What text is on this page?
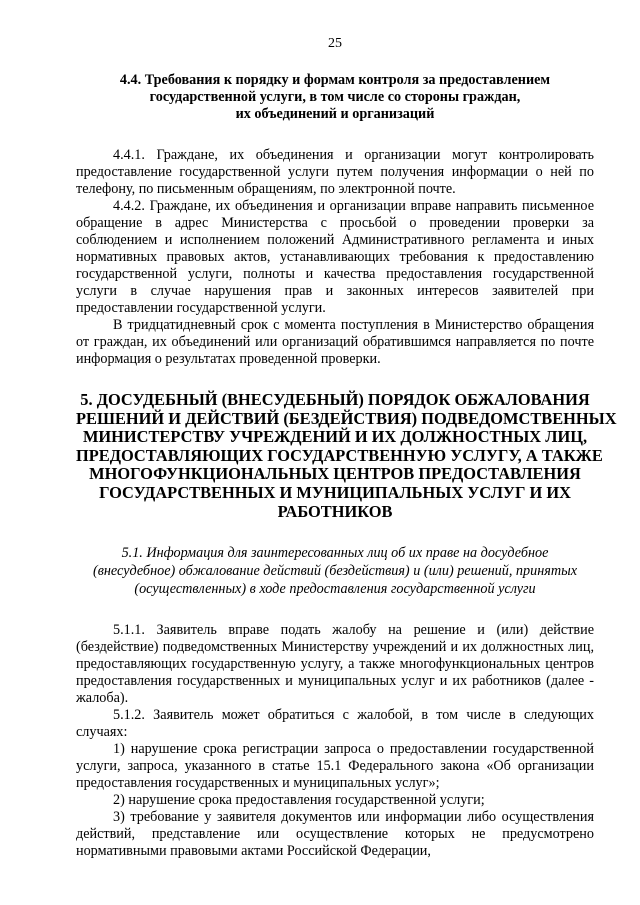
25
4.4. Требования к порядку и формам контроля за предоставлением
государственной услуги, в том числе со стороны граждан,
их объединений и организаций

4.4.1. Граждане, их объединения и организации могут контролировать предоставление государственной услуги путем получения информации о ней по телефону, по письменным обращениям, по электронной почте.

4.4.2. Граждане, их объединения и организации вправе направить письменное обращение в адрес Министерства с просьбой о проведении проверки за соблюдением и исполнением положений Административного регламента и иных нормативных правовых актов, устанавливающих требования к предоставлению государственной услуги, полноты и качества предоставления государственной услуги в случае нарушения прав и законных интересов заявителей при предоставлении государственной услуги.

В тридцатидневный срок с момента поступления в Министерство обращения от граждан, их объединений или организаций обратившимся направляется по почте информация о результатах проведенной проверки.

5. ДОСУДЕБНЫЙ (ВНЕСУДЕБНЫЙ) ПОРЯДОК ОБЖАЛОВАНИЯ
РЕШЕНИЙ И ДЕЙСТВИЙ (БЕЗДЕЙСТВИЯ) ПОДВЕДОМСТВЕННЫХ
МИНИСТЕРСТВУ УЧРЕЖДЕНИЙ И ИХ ДОЛЖНОСТНЫХ ЛИЦ,
ПРЕДОСТАВЛЯЮЩИХ ГОСУДАРСТВЕННУЮ УСЛУГУ, А ТАКЖЕ
МНОГОФУНКЦИОНАЛЬНЫХ ЦЕНТРОВ ПРЕДОСТАВЛЕНИЯ
ГОСУДАРСТВЕННЫХ И МУНИЦИПАЛЬНЫХ УСЛУГ И ИХ
РАБОТНИКОВ
5.1. Информация для заинтересованных лиц об их праве на досудебное
(внесудебное) обжалование действий (бездействия) и (или) решений, принятых
(осуществленных) в ходе предоставления государственной услуги

5.1.1. Заявитель вправе подать жалобу на решение и (или) действие (бездействие) подведомственных Министерству учреждений и их должностных лиц, предоставляющих государственную услугу, а также многофункциональных центров предоставления государственных и муниципальных услуг и их работников (далее - жалоба).

5.1.2. Заявитель может обратиться с жалобой, в том числе в следующих случаях:

1) нарушение срока регистрации запроса о предоставлении государственной услуги, запроса, указанного в статье 15.1 Федерального закона «Об организации предоставления государственных и муниципальных услуг»;

2) нарушение срока предоставления государственной услуги;

3) требование у заявителя документов или информации либо осуществления действий, представление или осуществление которых не предусмотрено нормативными правовыми актами Российской Федерации,
